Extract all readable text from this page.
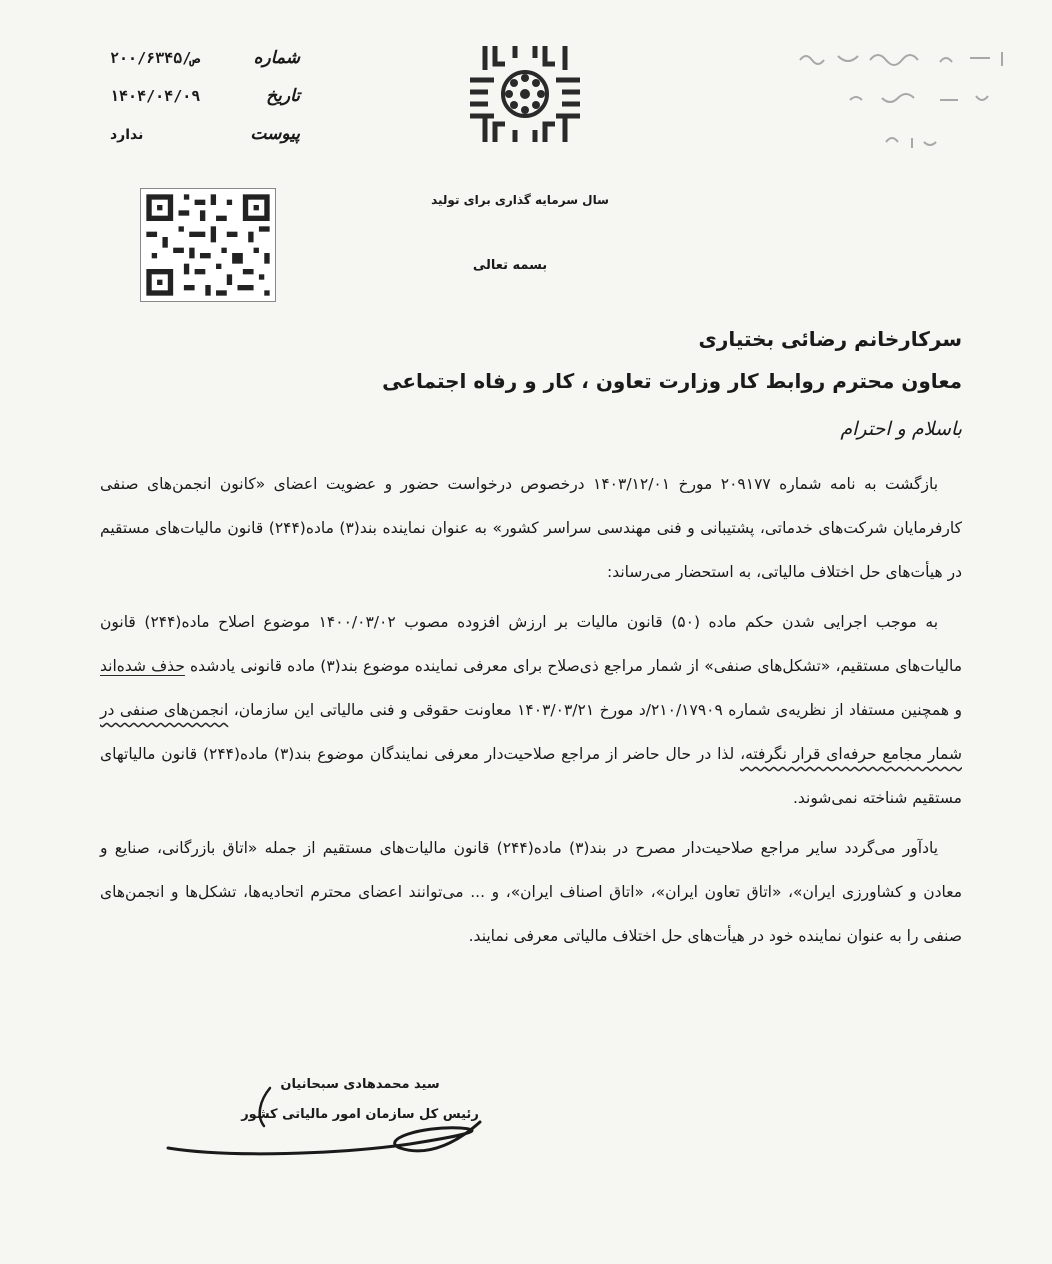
۲۰۰/۶۳۴۵/ص	شماره
۱۴۰۴/۰۴/۰۹	تاریخ
ندارد	پیوست
سال سرمایه گذاری برای تولید
بسمه تعالی
سرکارخانم رضائی بختیاری
معاون محترم روابط کار وزارت تعاون ، کار و رفاه اجتماعی
باسلام و احترام

بازگشت به نامه شماره ۲۰۹۱۷۷ مورخ ۱۴۰۳/۱۲/۰۱ درخصوص درخواست حضور و عضویت اعضای «کانون انجمن‌های صنفی کارفرمایان شرکت‌های خدماتی، پشتیبانی و فنی مهندسی سراسر کشور» به عنوان نماینده بند(۳) ماده(۲۴۴) قانون مالیات‌های مستقیم در هیأت‌های حل اختلاف مالیاتی، به استحضار می‌رساند:

به موجب اجرایی شدن حکم ماده (۵۰) قانون مالیات بر ارزش افزوده مصوب ۱۴۰۰/۰۳/۰۲ موضوع اصلاح ماده(۲۴۴) قانون مالیات‌های مستقیم، «تشکل‌های صنفی» از شمار مراجع ذی‌صلاح برای معرفی نماینده موضوع بند(۳) ماده قانونی یادشده حذف شده‌اند و همچنین مستفاد از نظریه‌ی شماره ۲۱۰/۱۷۹۰۹/د مورخ ۱۴۰۳/۰۳/۲۱ معاونت حقوقی و فنی مالیاتی این سازمان، انجمن‌های صنفی در شمار مجامع حرفه‌ای قرار نگرفته، لذا در حال حاضر از مراجع صلاحیت‌دار معرفی نمایندگان موضوع بند(۳) ماده(۲۴۴) قانون مالیاتهای مستقیم شناخته نمی‌شوند.

یادآور می‌گردد سایر مراجع صلاحیت‌دار مصرح در بند(۳) ماده(۲۴۴) قانون مالیات‌های مستقیم از جمله «اتاق بازرگانی، صنایع و معادن و کشاورزی ایران»، «اتاق تعاون ایران»، «اتاق اصناف ایران»، و ... می‌توانند اعضای محترم اتحادیه‌ها، تشکل‌ها و انجمن‌های صنفی را به عنوان نماینده خود در هیأت‌های حل اختلاف مالیاتی معرفی نمایند.

سید محمدهادی سبحانیان
رئیس کل سازمان امور مالیاتی کشور
